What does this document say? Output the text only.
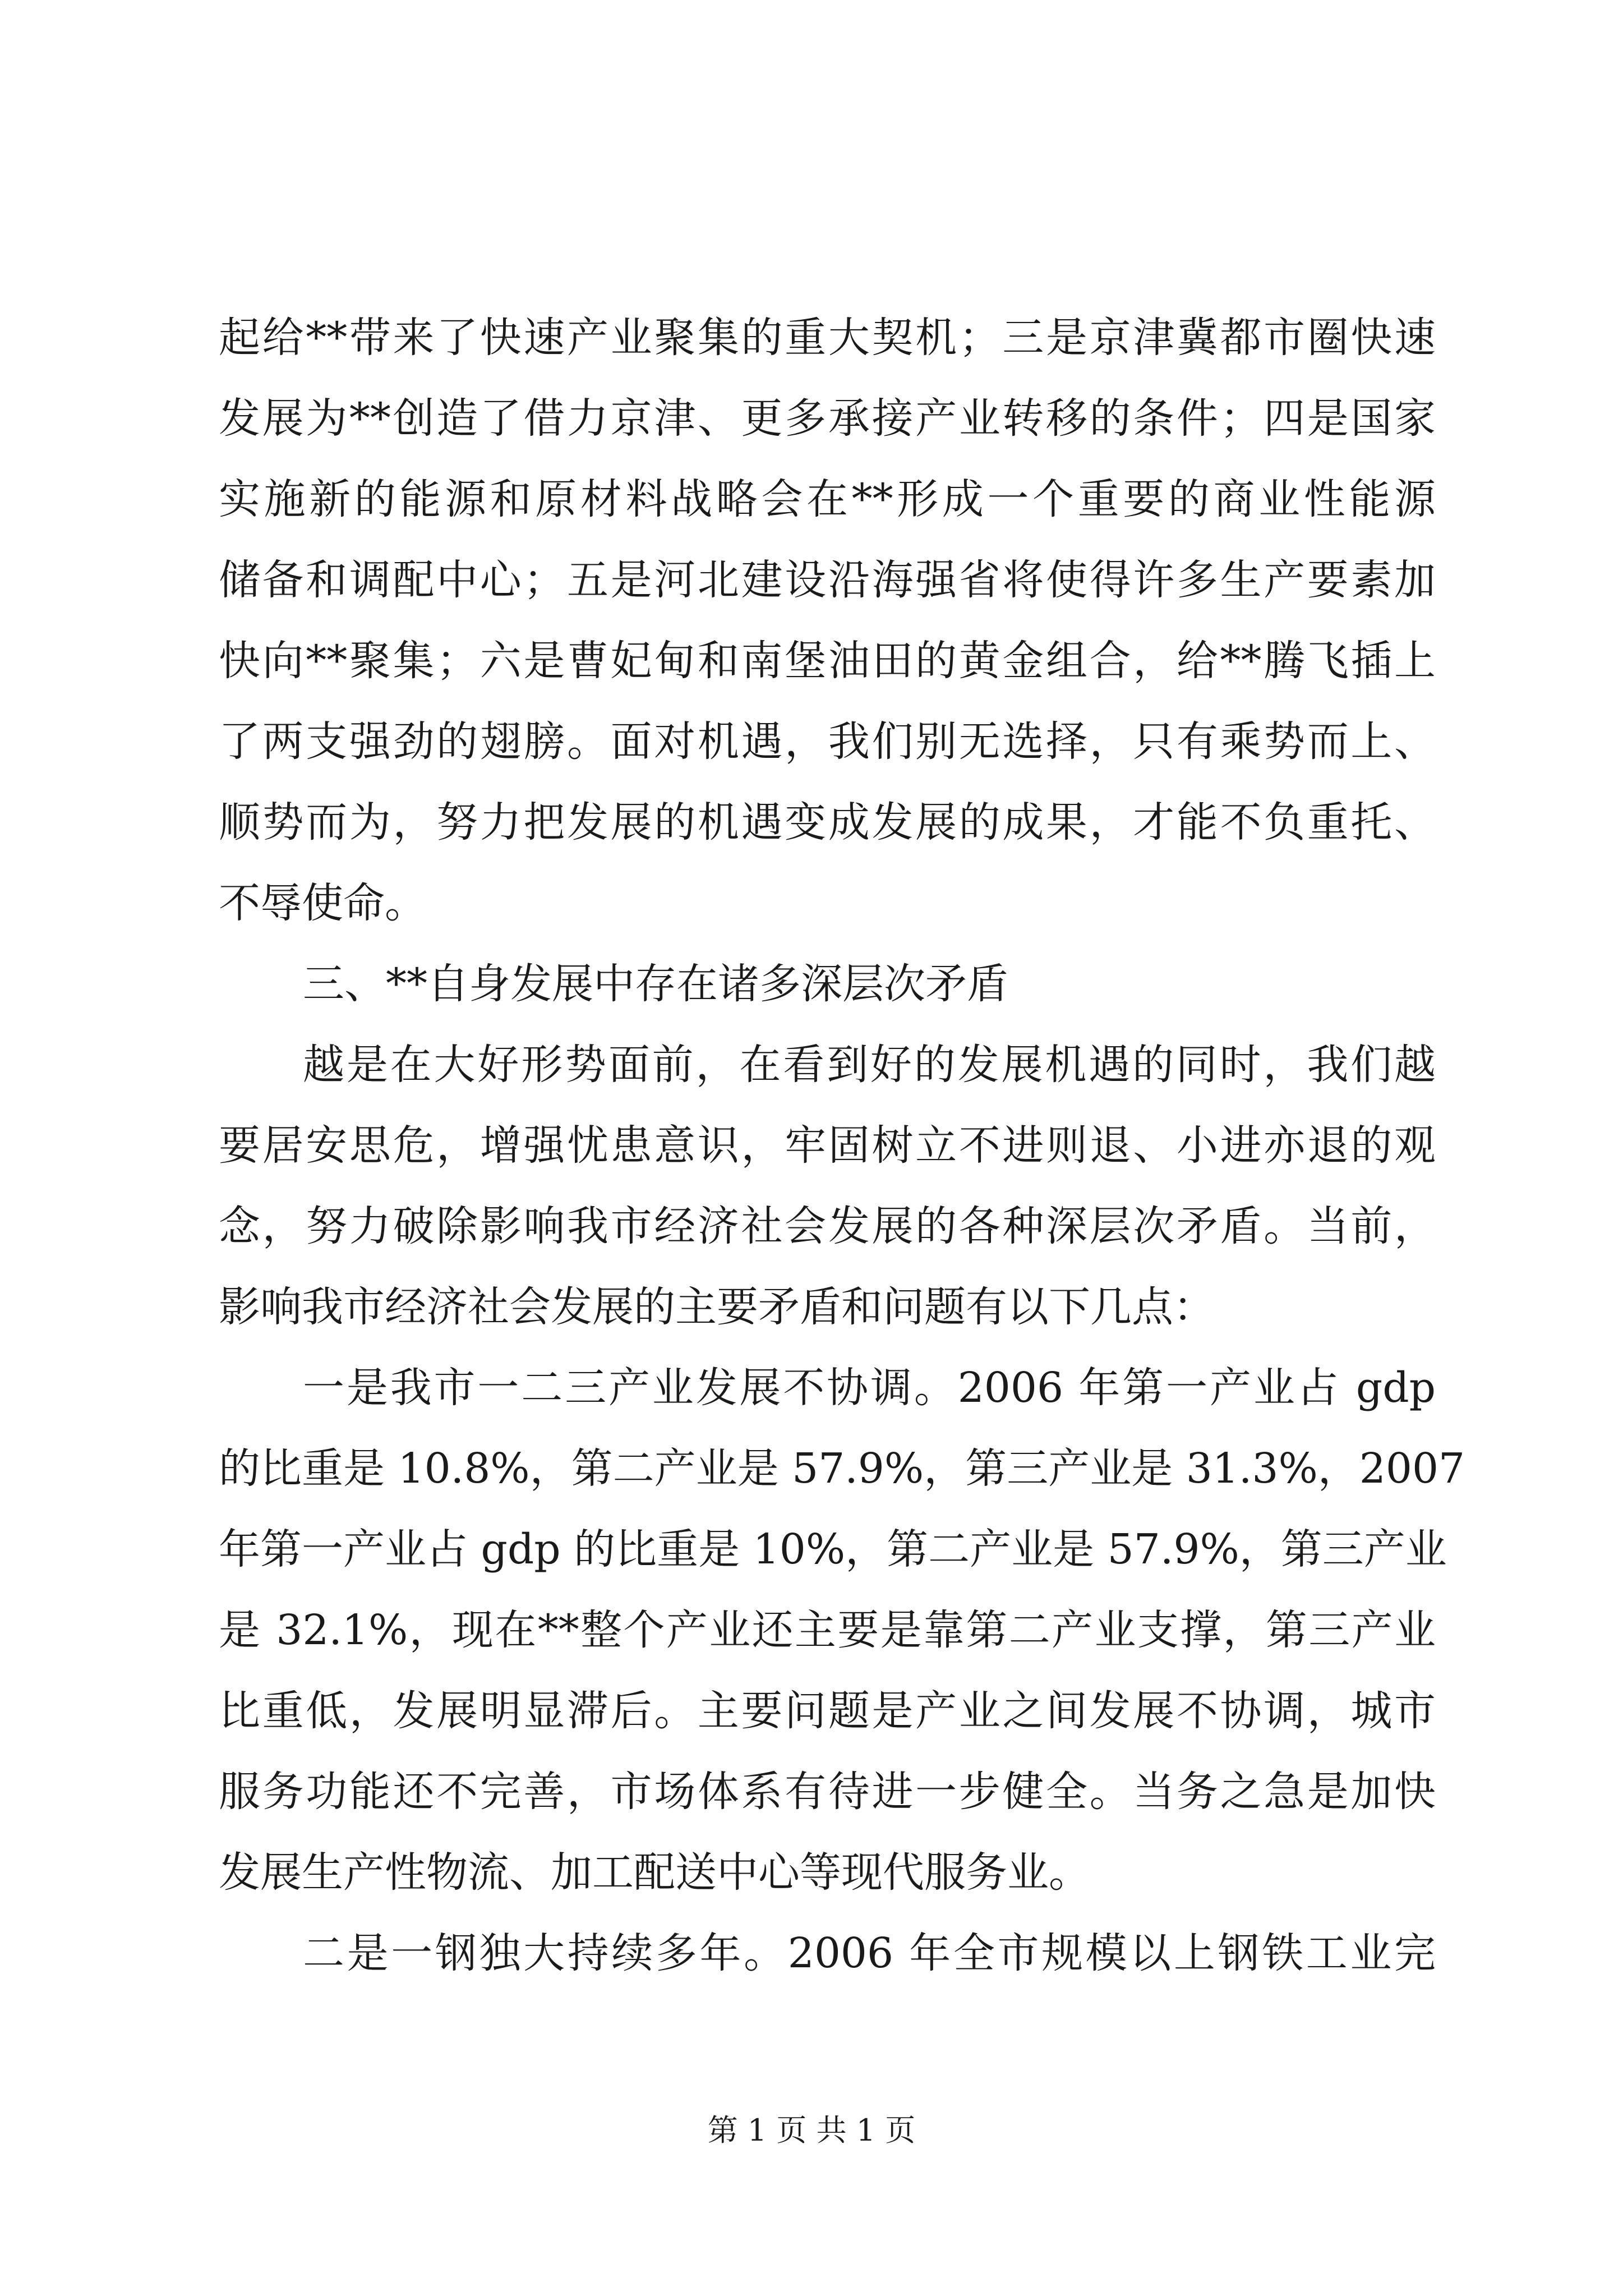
起给**带来了快速产业聚集的重大契机；三是京津冀都市圈快速
发展为**创造了借力京津、更多承接产业转移的条件；四是国家
实施新的能源和原材料战略会在**形成一个重要的商业性能源
储备和调配中心；五是河北建设沿海强省将使得许多生产要素加
快向**聚集；六是曹妃甸和南堡油田的黄金组合，给**腾飞插上
了两支强劲的翅膀。面对机遇，我们别无选择，只有乘势而上、
顺势而为，努力把发展的机遇变成发展的成果，才能不负重托、
不辱使命。
三、**自身发展中存在诸多深层次矛盾
越是在大好形势面前，在看到好的发展机遇的同时，我们越
要居安思危，增强忧患意识，牢固树立不进则退、小进亦退的观
念，努力破除影响我市经济社会发展的各种深层次矛盾。当前，
影响我市经济社会发展的主要矛盾和问题有以下几点：
一是我市一二三产业发展不协调。2006 年第一产业占 gdp
的比重是 10.8%，第二产业是 57.9%，第三产业是 31.3%，2007
年第一产业占 gdp 的比重是 10%，第二产业是 57.9%，第三产业
是 32.1%，现在**整个产业还主要是靠第二产业支撑，第三产业
比重低，发展明显滞后。主要问题是产业之间发展不协调，城市
服务功能还不完善，市场体系有待进一步健全。当务之急是加快
发展生产性物流、加工配送中心等现代服务业。
二是一钢独大持续多年。2006 年全市规模以上钢铁工业完
第 1 页 共 1 页
